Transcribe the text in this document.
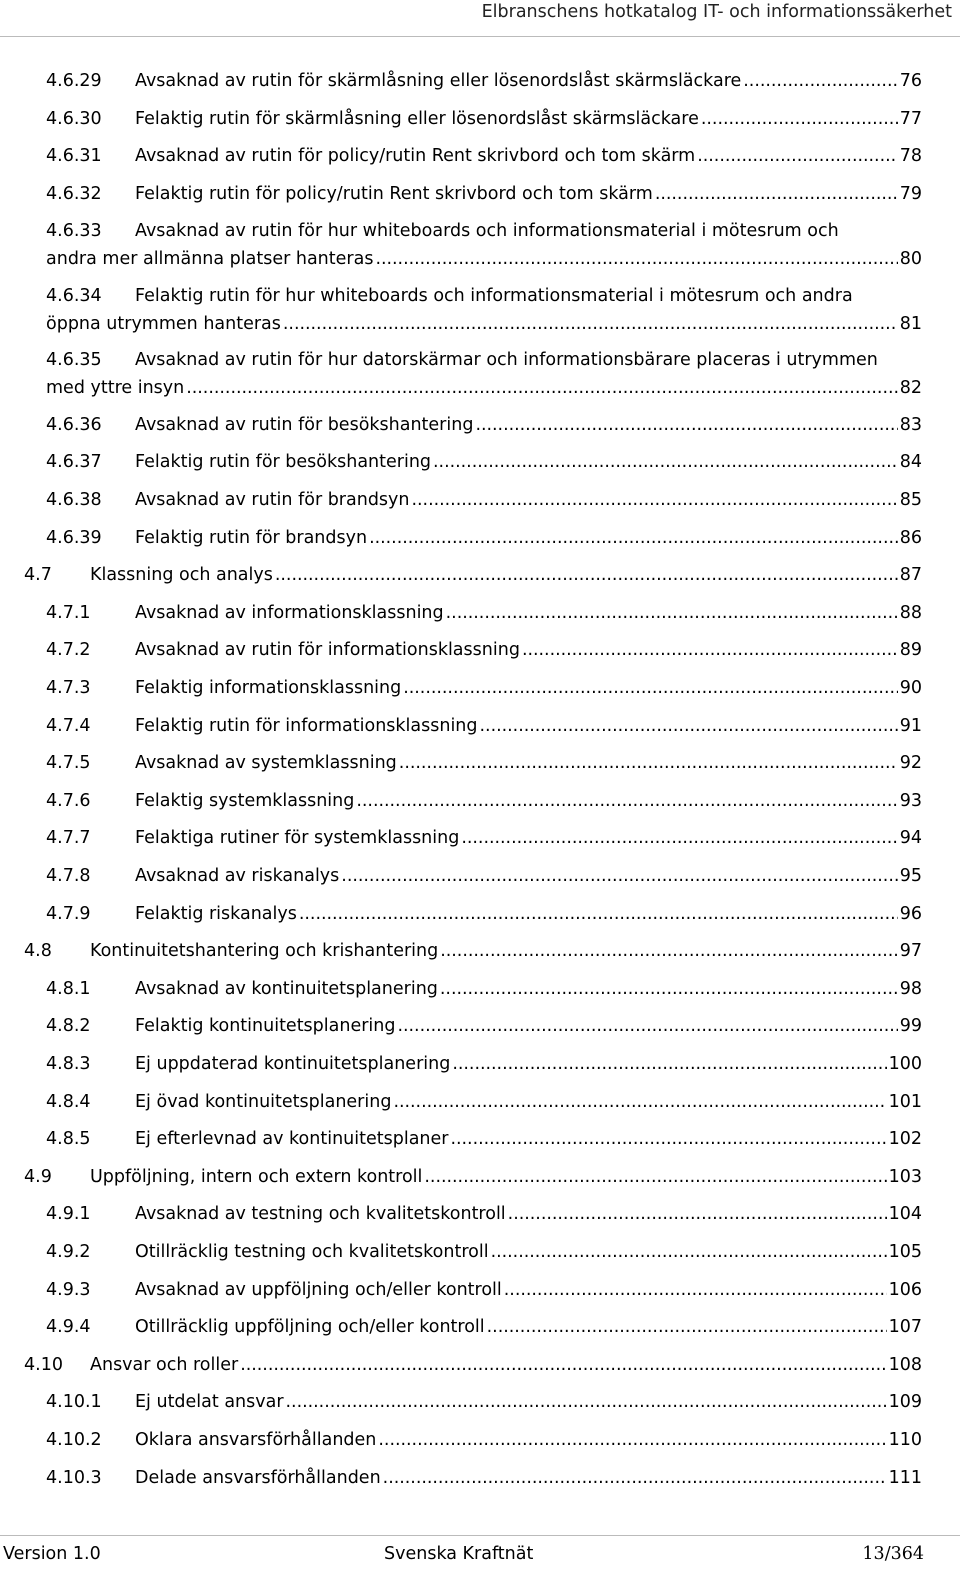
Elbranschens hotkatalog IT- och informationssäkerhet
4.6.29 Avsaknad av rutin för skärmlåsning eller lösenordslåst skärmsläckare . . .	76
4.6.30 Felaktig rutin för skärmlåsning eller lösenordslåst skärmsläckare . . .	77
4.6.31 Avsaknad av rutin för policy/rutin Rent skrivbord och tom skärm . . .	78
4.6.32 Felaktig rutin för policy/rutin Rent skrivbord och tom skärm . . .	79
4.6.33 Avsaknad av rutin för hur whiteboards och informationsmaterial i mötesrum och
andra mer allmänna platser hanteras . . .	80
4.6.34 Felaktig rutin för hur whiteboards och informationsmaterial i mötesrum och andra
öppna utrymmen hanteras . . .	81
4.6.35 Avsaknad av rutin för hur datorskärmar och informationsbärare placeras i utrymmen
med yttre insyn . . .	82
4.6.36 Avsaknad av rutin för besökshantering . . .	83
4.6.37 Felaktig rutin för besökshantering . . .	84
4.6.38 Avsaknad av rutin för brandsyn . . .	85
4.6.39 Felaktig rutin för brandsyn . . .	86
4.7 Klassning och analys . . .	87
4.7.1	Avsaknad av informationsklassning . . .	88
4.7.2	Avsaknad av rutin för informationsklassning . . .	89
4.7.3	Felaktig informationsklassning . . .	90
4.7.4	Felaktig rutin för informationsklassning . . .	91
4.7.5	Avsaknad av systemklassning . . .	92
4.7.6	Felaktig systemklassning . . .	93
4.7.7	Felaktiga rutiner för systemklassning . . .	94
4.7.8	Avsaknad av riskanalys . . .	95
4.7.9	Felaktig riskanalys . . .	96
4.8 Kontinuitetshantering och krishantering . . .	97
4.8.1	Avsaknad av kontinuitetsplanering . . .	98
4.8.2	Felaktig kontinuitetsplanering . . .	99
4.8.3	Ej uppdaterad kontinuitetsplanering . . .	100
4.8.4	Ej övad kontinuitetsplanering . . .	101
4.8.5	Ej efterlevnad av kontinuitetsplaner . . .	102
4.9 Uppföljning, intern och extern kontroll . . .	103
4.9.1	Avsaknad av testning och kvalitetskontroll . . .	104
4.9.2	Otillräcklig testning och kvalitetskontroll . . .	105
4.9.3	Avsaknad av uppföljning och/eller kontroll . . .	106
4.9.4	Otillräcklig uppföljning och/eller kontroll . . .	107
4.10 Ansvar och roller . . .	108
4.10.1 Ej utdelat ansvar . . .	109
4.10.2 Oklara ansvarsförhållanden . . .	110
4.10.3 Delade ansvarsförhållanden . . .	111
Version 1.0	Svenska Kraftnät	13/364
